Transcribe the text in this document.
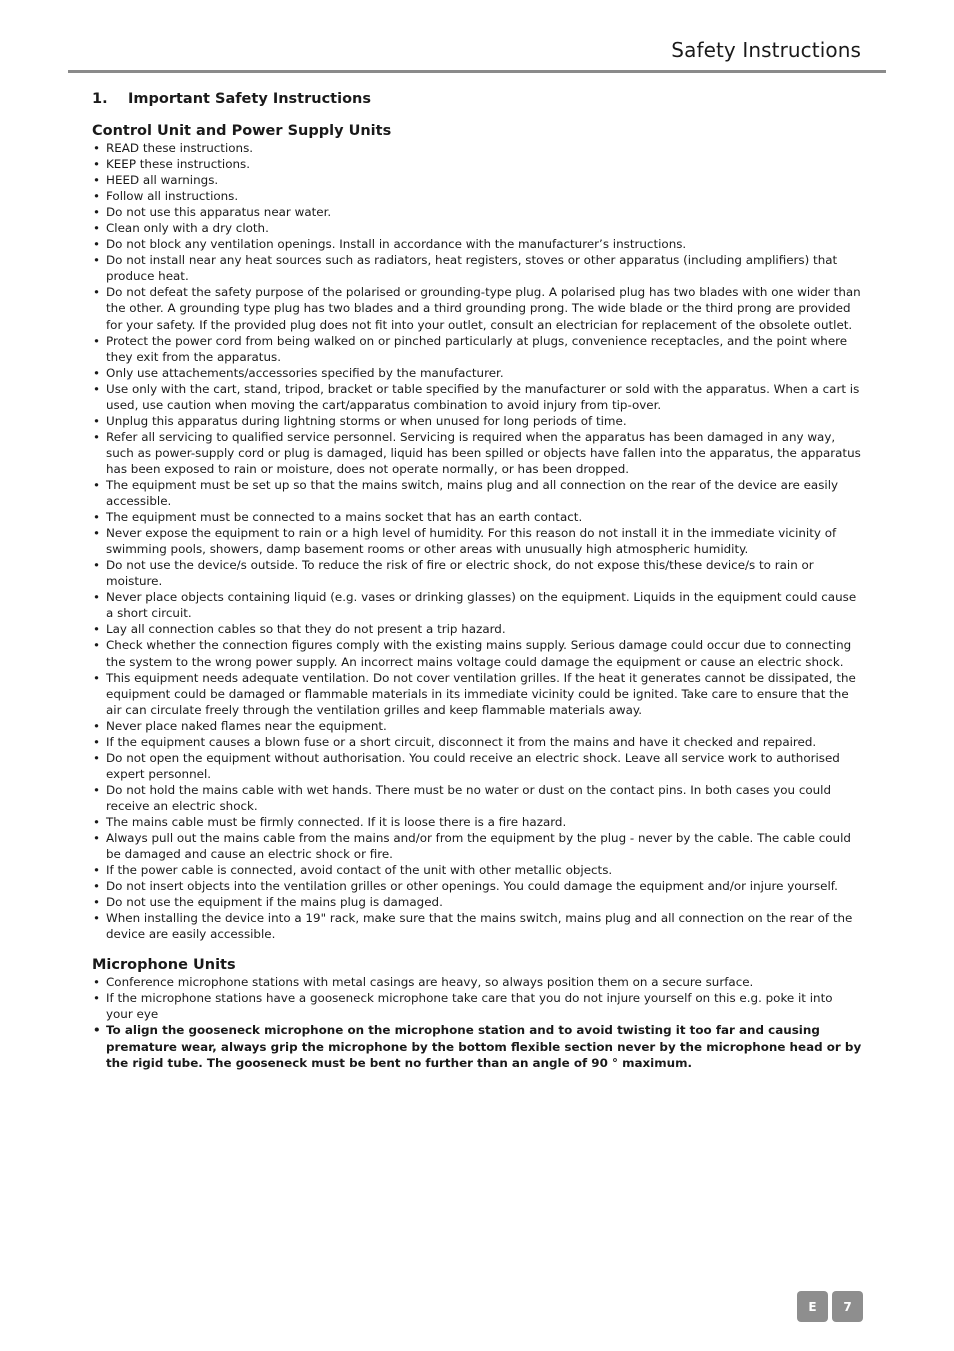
Safety Instructions
1. Important Safety Instructions
Control Unit and Power Supply Units
• READ these instructions.
• KEEP these instructions.
• HEED all warnings.
• Follow all instructions.
• Do not use this apparatus near water.
• Clean only with a dry cloth.
• Do not block any ventilation openings. Install in accordance with the manufacturer’s instructions.
• Do not install near any heat sources such as radiators, heat registers, stoves or other apparatus (including amplifiers) that produce heat.
• Do not defeat the safety purpose of the polarised or grounding-type plug. A polarised plug has two blades with one wider than the other. A grounding type plug has two blades and a third grounding prong. The wide blade or the third prong are provided for your safety. If the provided plug does not fit into your outlet, consult an electrician for replacement of the obsolete outlet.
• Protect the power cord from being walked on or pinched particularly at plugs, convenience receptacles, and the point where they exit from the apparatus.
• Only use attachements/accessories specified by the manufacturer.
• Use only with the cart, stand, tripod, bracket or table specified by the manufacturer or sold with the apparatus. When a cart is used, use caution when moving the cart/apparatus combination to avoid injury from tip-over.
• Unplug this apparatus during lightning storms or when unused for long periods of time.
• Refer all servicing to qualified service personnel. Servicing is required when the apparatus has been damaged in any way, such as power-supply cord or plug is damaged, liquid has been spilled or objects have fallen into the apparatus, the apparatus has been exposed to rain or moisture, does not operate normally, or has been dropped.
• The equipment must be set up so that the mains switch, mains plug and all connection on the rear of the device are easily accessible.
• The equipment must be connected to a mains socket that has an earth contact.
• Never expose the equipment to rain or a high level of humidity. For this reason do not install it in the immediate vicinity of swimming pools, showers, damp basement rooms or other areas with unusually high atmospheric humidity.
• Do not use the device/s outside. To reduce the risk of fire or electric shock, do not expose this/these device/s to rain or moisture.
• Never place objects containing liquid (e.g. vases or drinking glasses) on the equipment. Liquids in the equipment could cause a short circuit.
• Lay all connection cables so that they do not present a trip hazard.
• Check whether the connection figures comply with the existing mains supply. Serious damage could occur due to connecting the system to the wrong power supply. An incorrect mains voltage could damage the equipment or cause an electric shock.
• This equipment needs adequate ventilation. Do not cover ventilation grilles. If the heat it generates cannot be dissipated, the equipment could be damaged or flammable materials in its immediate vicinity could be ignited. Take care to ensure that the air can circulate freely through the ventilation grilles and keep flammable materials away.
• Never place naked flames near the equipment.
• If the equipment causes a blown fuse or a short circuit, disconnect it from the mains and have it checked and repaired.
• Do not open the equipment without authorisation. You could receive an electric shock. Leave all service work to authorised expert personnel.
• Do not hold the mains cable with wet hands. There must be no water or dust on the contact pins. In both cases you could receive an electric shock.
• The mains cable must be firmly connected. If it is loose there is a fire hazard.
• Always pull out the mains cable from the mains and/or from the equipment by the plug - never by the cable. The cable could be damaged and cause an electric shock or fire.
• If the power cable is connected, avoid contact of the unit with other metallic objects.
• Do not insert objects into the ventilation grilles or other openings. You could damage the equipment and/or injure yourself.
• Do not use the equipment if the mains plug is damaged.
• When installing the device into a 19" rack, make sure that the mains switch, mains plug and all connection on the rear of the device are easily accessible.
Microphone Units
• Conference microphone stations with metal casings are heavy, so always position them on a secure surface.
• If the microphone stations have a gooseneck microphone take care that you do not injure yourself on this e.g. poke it into your eye
• To align the gooseneck microphone on the microphone station and to avoid twisting it too far and causing premature wear, always grip the microphone by the bottom flexible section never by the microphone head or by the rigid tube. The gooseneck must be bent no further than an angle of 90 ° maximum.
E	7
